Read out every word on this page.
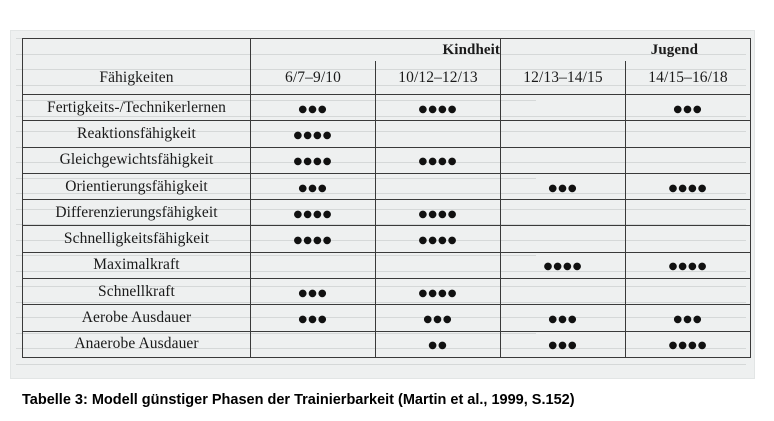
	Kindheit		Jugend	
Fähigkeiten	6/7–9/10	10/12–12/13	12/13–14/15	14/15–16/18
Fertigkeits-/Technikerlernen	●●●	●●●●		●●●
Reaktionsfähigkeit	●●●●			
Gleichgewichtsfähigkeit	●●●●	●●●●		
Orientierungsfähigkeit	●●●		●●●	●●●●
Differenzierungsfähigkeit	●●●●	●●●●		
Schnelligkeitsfähigkeit	●●●●	●●●●		
Maximalkraft			●●●●	●●●●
Schnellkraft	●●●	●●●●		
Aerobe Ausdauer	●●●	●●●	●●●	●●●
Anaerobe Ausdauer		●●	●●●	●●●●
Tabelle 3: Modell günstiger Phasen der Trainierbarkeit (Martin et al., 1999, S.152)
